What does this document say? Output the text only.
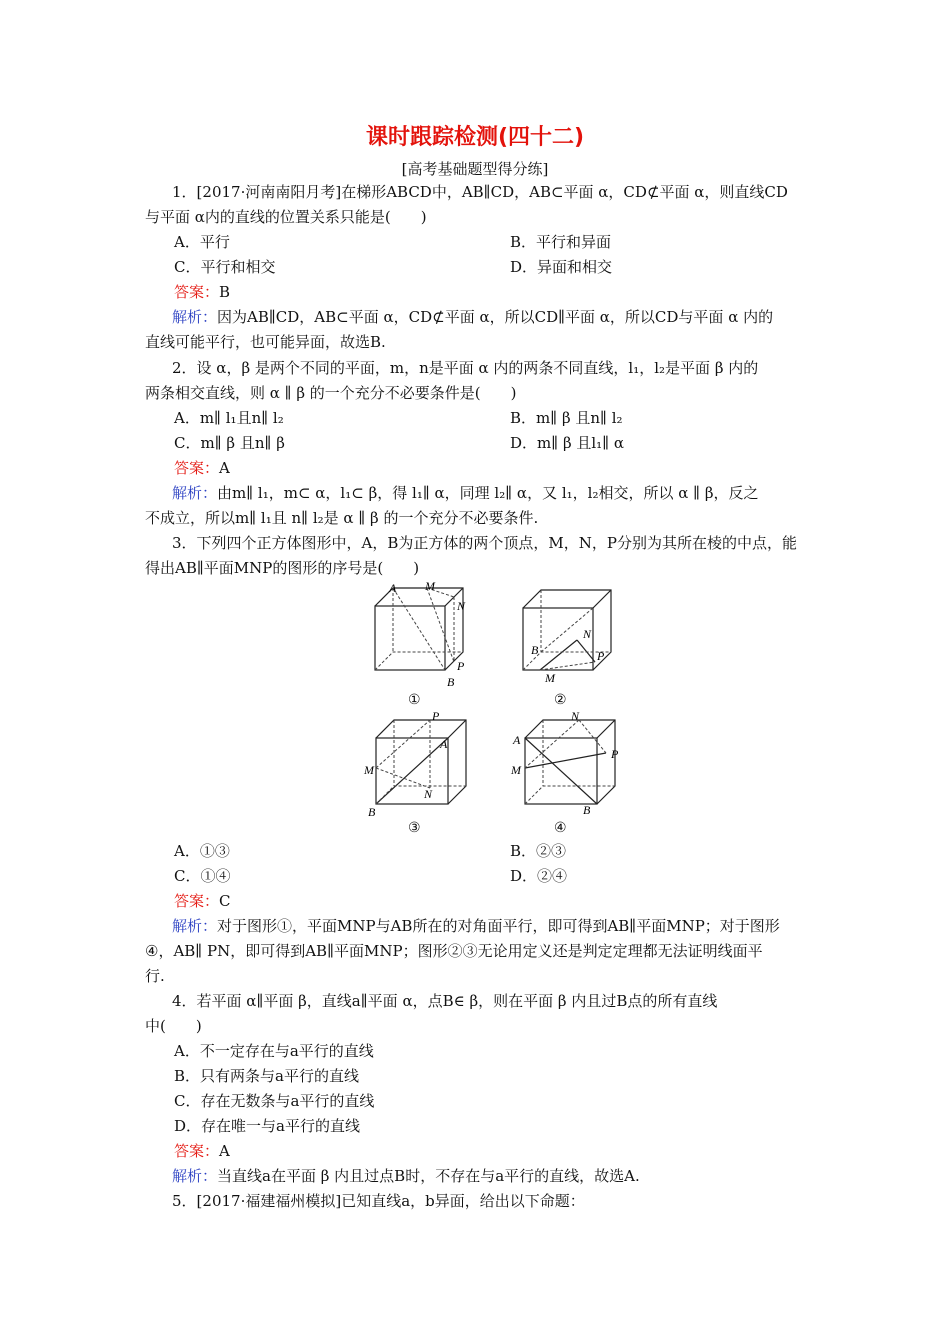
课时跟踪检测(四十二)
[高考基础题型得分练]
1．[2017·河南南阳月考]在梯形ABCD中，AB∥CD，AB⊂平面 α，CD⊄平面 α，则直线CD
与平面 α内的直线的位置关系只能是(　　)
A．平行	B．平行和异面
C．平行和相交	D．异面和相交
答案：B
解析：因为AB∥CD，AB⊂平面 α，CD⊄平面 α，所以CD∥平面 α，所以CD与平面 α 内的
直线可能平行，也可能异面，故选B.
2．设 α，β 是两个不同的平面，m，n是平面 α 内的两条不同直线，l₁，l₂是平面 β 内的
两条相交直线，则 α ∥ β 的一个充分不必要条件是(　　)
A．m∥ l₁且n∥ l₂	B．m∥ β 且n∥ l₂
C．m∥ β 且n∥ β	D．m∥ β 且l₁∥ α
答案：A
解析：由m∥ l₁，m⊂ α，l₁⊂ β，得 l₁∥ α，同理 l₂∥ α，又 l₁，l₂相交，所以 α ∥ β，反之
不成立，所以m∥ l₁且 n∥ l₂是 α ∥ β 的一个充分不必要条件.
3．下列四个正方体图形中，A，B为正方体的两个顶点，M，N，P分别为其所在棱的中点，能
得出AB∥平面MNP的图形的序号是(　　)
A M
N
P
B
①
N
B	P
M
②
P
A
M
N
B
③
N
A
P
M
B
④
A．①③	B．②③
C．①④	D．②④
答案：C
解析：对于图形①，平面MNP与AB所在的对角面平行，即可得到AB∥平面MNP；对于图形
④，AB∥ PN，即可得到AB∥平面MNP；图形②③无论用定义还是判定定理都无法证明线面平
行.
4．若平面 α∥平面 β，直线a∥平面 α，点B∈ β，则在平面 β 内且过B点的所有直线
中(　　)
A．不一定存在与a平行的直线
B．只有两条与a平行的直线
C．存在无数条与a平行的直线
D．存在唯一与a平行的直线
答案：A
解析：当直线a在平面 β 内且过点B时，不存在与a平行的直线，故选A.
5．[2017·福建福州模拟]已知直线a，b异面，给出以下命题：
